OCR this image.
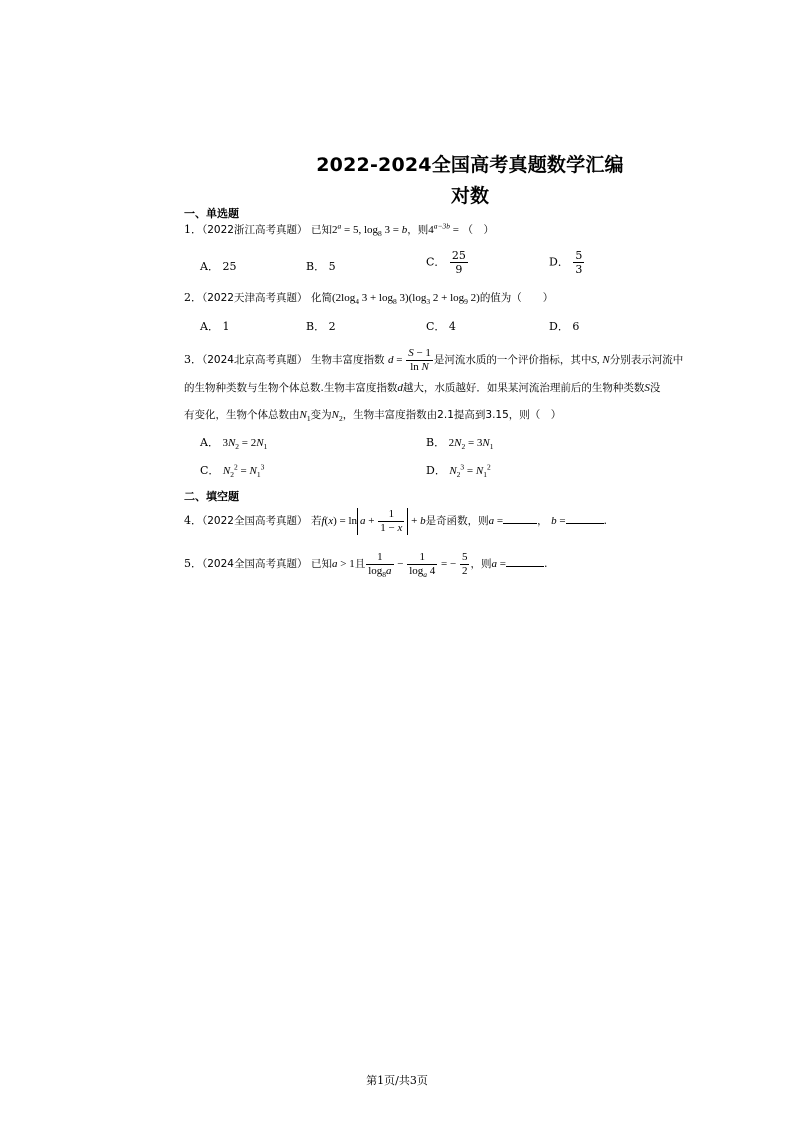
2022-2024全国高考真题数学汇编
对数
一、单选题
1．（2022浙江高考真题） 已知$2^a = 5$, $\log_8 3 = b$，则$4^{a-3b}$ = （　）
A． 25	B． 5	C． $\frac{25}{9}$	D． $\frac{5}{3}$
2．（2022天津高考真题） 化简($2\log_4$ $3 + \log_8 3)(\log_3$ $2 + \log_9 2$)的值为（　　）
A． 1	B． 2	C． 4	D． 6
3．（2024北京高考真题） 生物丰富度指数 $d = \frac{S - 1}{\text{ln N}}$ 是河流水质的一个评价指标，其中S, N分别表示河流中
的生物种类数与生物个体总数.生物丰富度指数d越大，水质越好．如果某河流治理前后的生物种类数S没
有变化，生物个体总数由$N_1$变为$N_2$，生物丰富度指数由2.1提高到3.15，则（　）
A． $3N_2 = 2N_1$	B． $2N_2 = 3N_1$
C． $N_2^2 = N_1^3$	D． $N_2^3 = N_1^2$
二、填空题
4．（2022全国高考真题） 若$f(x) = \ln a + \frac{1}{1 - x} + b$是奇函数，则a =	， b =	.
5．（2024全国高考真题） 已知a > 1且 $\frac{1}{\log_8a} - \frac{1}{\log_a 4}$ = − $\frac{5}{2}$ ，则a =	.
第1页/共3页
